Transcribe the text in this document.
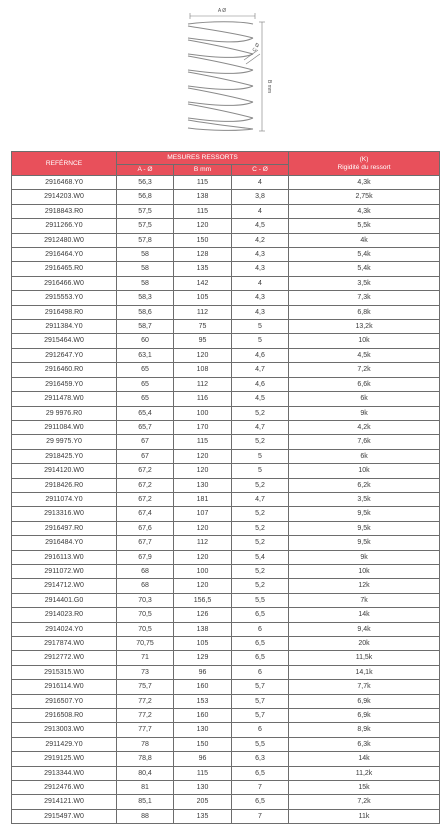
A Ø
B mm
C Ø
REFÉRNCE	MESURES RESSORTS			(K)
Rigidité du ressort
	A - Ø	B mm	C - Ø	
2916468.Y0	56,3	115	4	4,3k
2914203.W0	56,8	138	3,8	2,75k
2918843.R0	57,5	115	4	4,3k
2911266.Y0	57,5	120	4,5	5,5k
2912480.W0	57,8	150	4,2	4k
2916464.Y0	58	128	4,3	5,4k
2916465.R0	58	135	4,3	5,4k
2916466.W0	58	142	4	3,5k
2915553.Y0	58,3	105	4,3	7,3k
2916498.R0	58,6	112	4,3	6,8k
2911384.Y0	58,7	75	5	13,2k
2915464.W0	60	95	5	10k
2912647.Y0	63,1	120	4,6	4,5k
2916460.R0	65	108	4,7	7,2k
2916459.Y0	65	112	4,6	6,6k
2911478.W0	65	116	4,5	6k
29 9976.R0	65,4	100	5,2	9k
2911084.W0	65,7	170	4,7	4,2k
29 9975.Y0	67	115	5,2	7,6k
2918425.Y0	67	120	5	6k
2914120.W0	67,2	120	5	10k
2918426.R0	67,2	130	5,2	6,2k
2911074.Y0	67,2	181	4,7	3,5k
2913316.W0	67,4	107	5,2	9,5k
2916497.R0	67,6	120	5,2	9,5k
2916484.Y0	67,7	112	5,2	9,5k
2916113.W0	67,9	120	5,4	9k
2911072.W0	68	100	5,2	10k
2914712.W0	68	120	5,2	12k
2914401.G0	70,3	156,5	5,5	7k
2914023.R0	70,5	126	6,5	14k
2914024.Y0	70,5	138	6	9,4k
2917874.W0	70,75	105	6,5	20k
2912772.W0	71	129	6,5	11,5k
2915315.W0	73	96	6	14,1k
2916114.W0	75,7	160	5,7	7,7k
2916507.Y0	77,2	153	5,7	6,9k
2916508.R0	77,2	160	5,7	6,9k
2913003.W0	77,7	130	6	8,9k
2911429.Y0	78	150	5,5	6,3k
2919125.W0	78,8	96	6,3	14k
2913344.W0	80,4	115	6,5	11,2k
2912476.W0	81	130	7	15k
2914121.W0	85,1	205	6,5	7,2k
2915497.W0	88	135	7	11k
